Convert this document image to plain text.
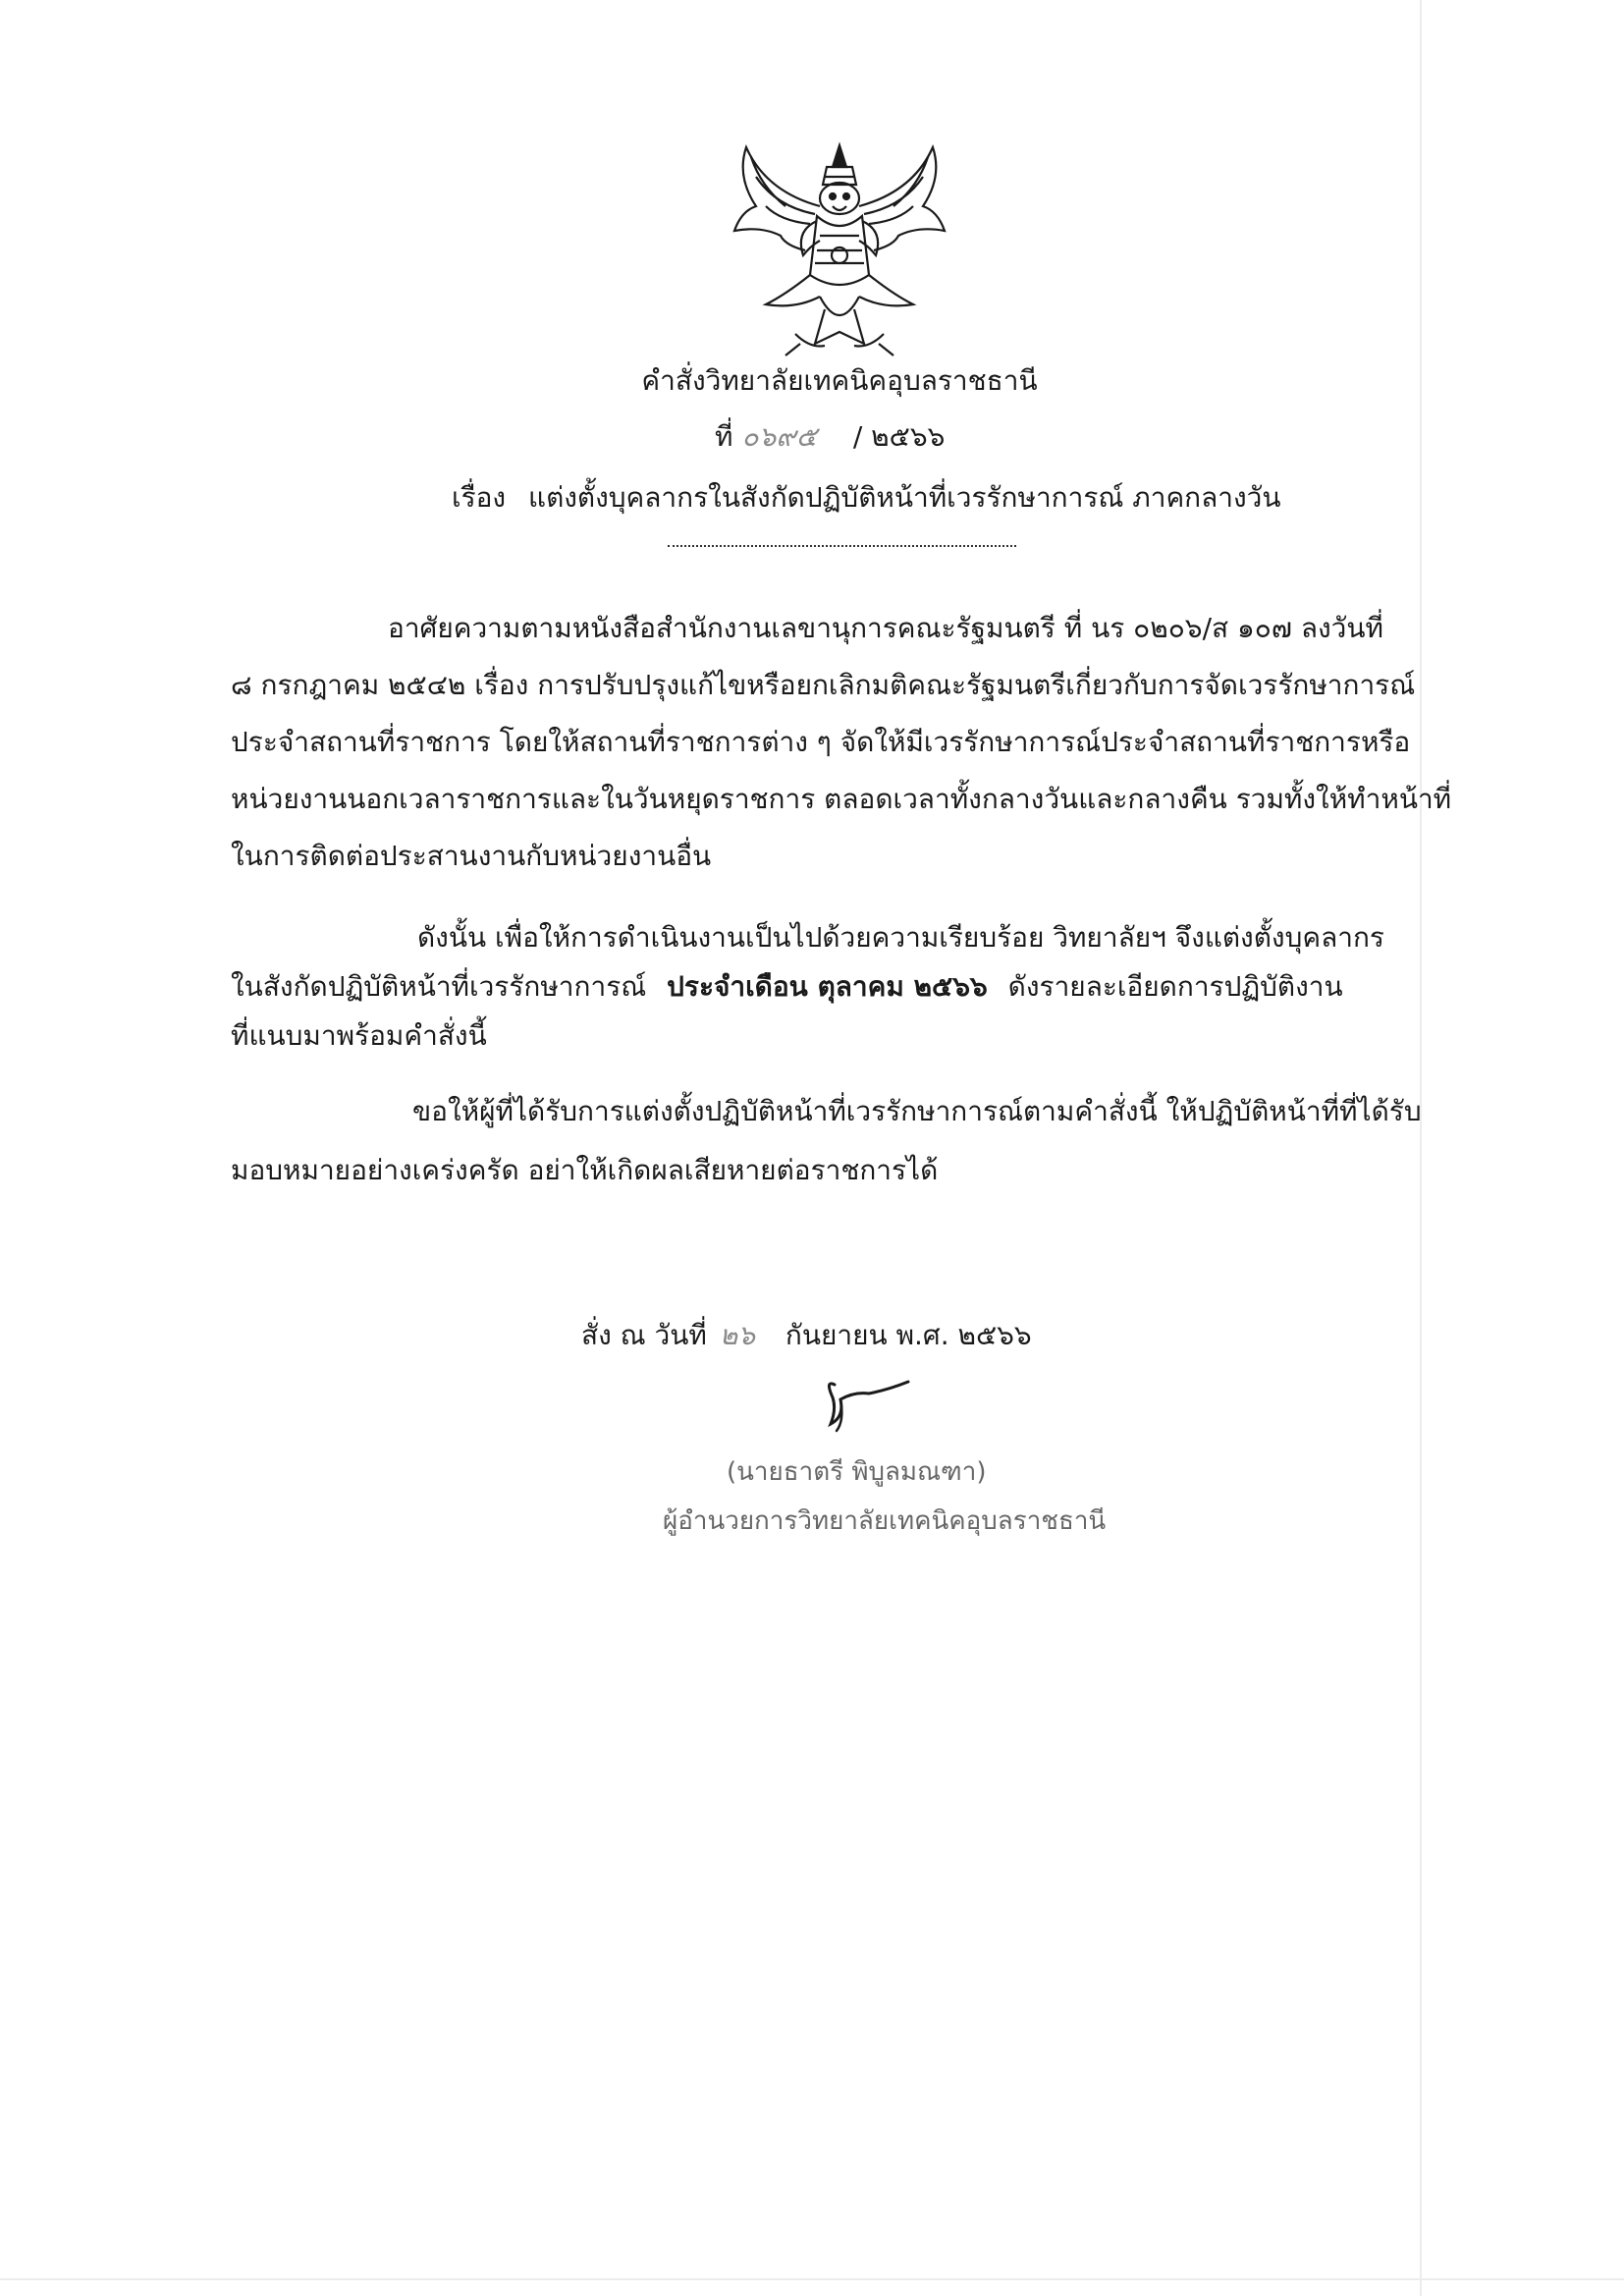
คำสั่งวิทยาลัยเทคนิคอุบลราชธานี
ที่ ๐๖๙๕ / ๒๕๖๖
เรื่อง แต่งตั้งบุคลากรในสังกัดปฏิบัติหน้าที่เวรรักษาการณ์ ภาคกลางวัน
อาศัยความตามหนังสือสำนักงานเลขานุการคณะรัฐมนตรี ที่ นร ๐๒๐๖/ส ๑๐๗ ลงวันที่
๘ กรกฎาคม ๒๕๔๒ เรื่อง การปรับปรุงแก้ไขหรือยกเลิกมติคณะรัฐมนตรีเกี่ยวกับการจัดเวรรักษาการณ์
ประจำสถานที่ราชการ โดยให้สถานที่ราชการต่าง ๆ จัดให้มีเวรรักษาการณ์ประจำสถานที่ราชการหรือ
หน่วยงานนอกเวลาราชการและในวันหยุดราชการ ตลอดเวลาทั้งกลางวันและกลางคืน รวมทั้งให้ทำหน้าที่
ในการติดต่อประสานงานกับหน่วยงานอื่น
ดังนั้น เพื่อให้การดำเนินงานเป็นไปด้วยความเรียบร้อย วิทยาลัยฯ จึงแต่งตั้งบุคลากร
ในสังกัดปฏิบัติหน้าที่เวรรักษาการณ์ ประจำเดือน ตุลาคม ๒๕๖๖ ดังรายละเอียดการปฏิบัติงาน
ที่แนบมาพร้อมคำสั่งนี้
ขอให้ผู้ที่ได้รับการแต่งตั้งปฏิบัติหน้าที่เวรรักษาการณ์ตามคำสั่งนี้ ให้ปฏิบัติหน้าที่ที่ได้รับ
มอบหมายอย่างเคร่งครัด อย่าให้เกิดผลเสียหายต่อราชการได้
สั่ง ณ วันที่ ๒๖ กันยายน พ.ศ. ๒๕๖๖
(นายธาตรี พิบูลมณฑา)
ผู้อำนวยการวิทยาลัยเทคนิคอุบลราชธานี
